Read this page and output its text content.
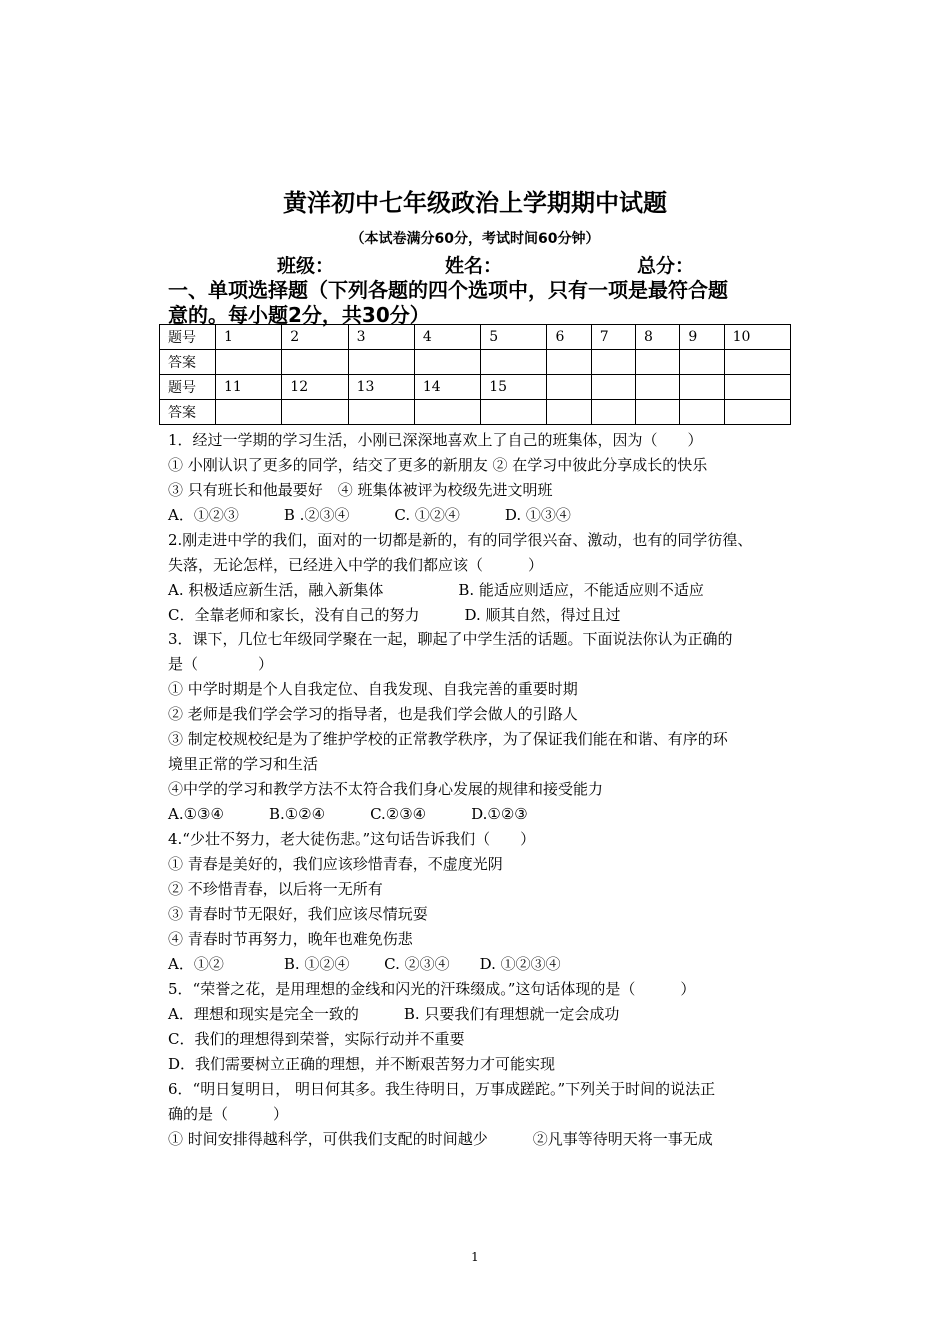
黄洋初中七年级政治上学期期中试题
（本试卷满分60分，考试时间60分钟）
班级：	姓名：	总分：
一、单项选择题（下列各题的四个选项中，只有一项是最符合题
意的。每小题2分，共30分）
题号	1	2	3	4	5	6	7	8	9	10
答案										
题号	11	12	13	14	15					
答案										
1．经过一学期的学习生活，小刚已深深地喜欢上了自己的班集体，因为（　　）
① 小刚认识了更多的同学，结交了更多的新朋友 ② 在学习中彼此分享成长的快乐
③ 只有班长和他最要好　④ 班集体被评为校级先进文明班
A．①②③　　　B .②③④　　　C. ①②④　　　D. ①③④
2.刚走进中学的我们，面对的一切都是新的，有的同学很兴奋、激动，也有的同学彷徨、
失落，无论怎样，已经进入中学的我们都应该（　　　）
A. 积极适应新生活，融入新集体　　　　　B. 能适应则适应，不能适应则不适应
C．全靠老师和家长，没有自己的努力　　　D. 顺其自然，得过且过
3．课下，几位七年级同学聚在一起，聊起了中学生活的话题。下面说法你认为正确的
是（　　　　）
① 中学时期是个人自我定位、自我发现、自我完善的重要时期
② 老师是我们学会学习的指导者，也是我们学会做人的引路人
③ 制定校规校纪是为了维护学校的正常教学秩序，为了保证我们能在和谐、有序的环
境里正常的学习和生活
④中学的学习和教学方法不太符合我们身心发展的规律和接受能力
A.①③④　　　B.①②④　　　C.②③④　　　D.①②③
4.“少壮不努力，老大徒伤悲。”这句话告诉我们（　　）
① 青春是美好的，我们应该珍惜青春，不虚度光阴
② 不珍惜青春，以后将一无所有
③ 青春时节无限好，我们应该尽情玩耍
④ 青春时节再努力，晚年也难免伤悲
A．①②　　　　B. ①②④　　 C. ②③④　　D. ①②③④
5．“荣誉之花，是用理想的金线和闪光的汗珠缀成。”这句话体现的是（　　　）
A．理想和现实是完全一致的　　　B. 只要我们有理想就一定会成功
C．我们的理想得到荣誉，实际行动并不重要
D．我们需要树立正确的理想，并不断艰苦努力才可能实现
6．“明日复明日， 明日何其多。我生待明日，万事成蹉跎。”下列关于时间的说法正
确的是（　　　）
① 时间安排得越科学，可供我们支配的时间越少　　　②凡事等待明天将一事无成
1
